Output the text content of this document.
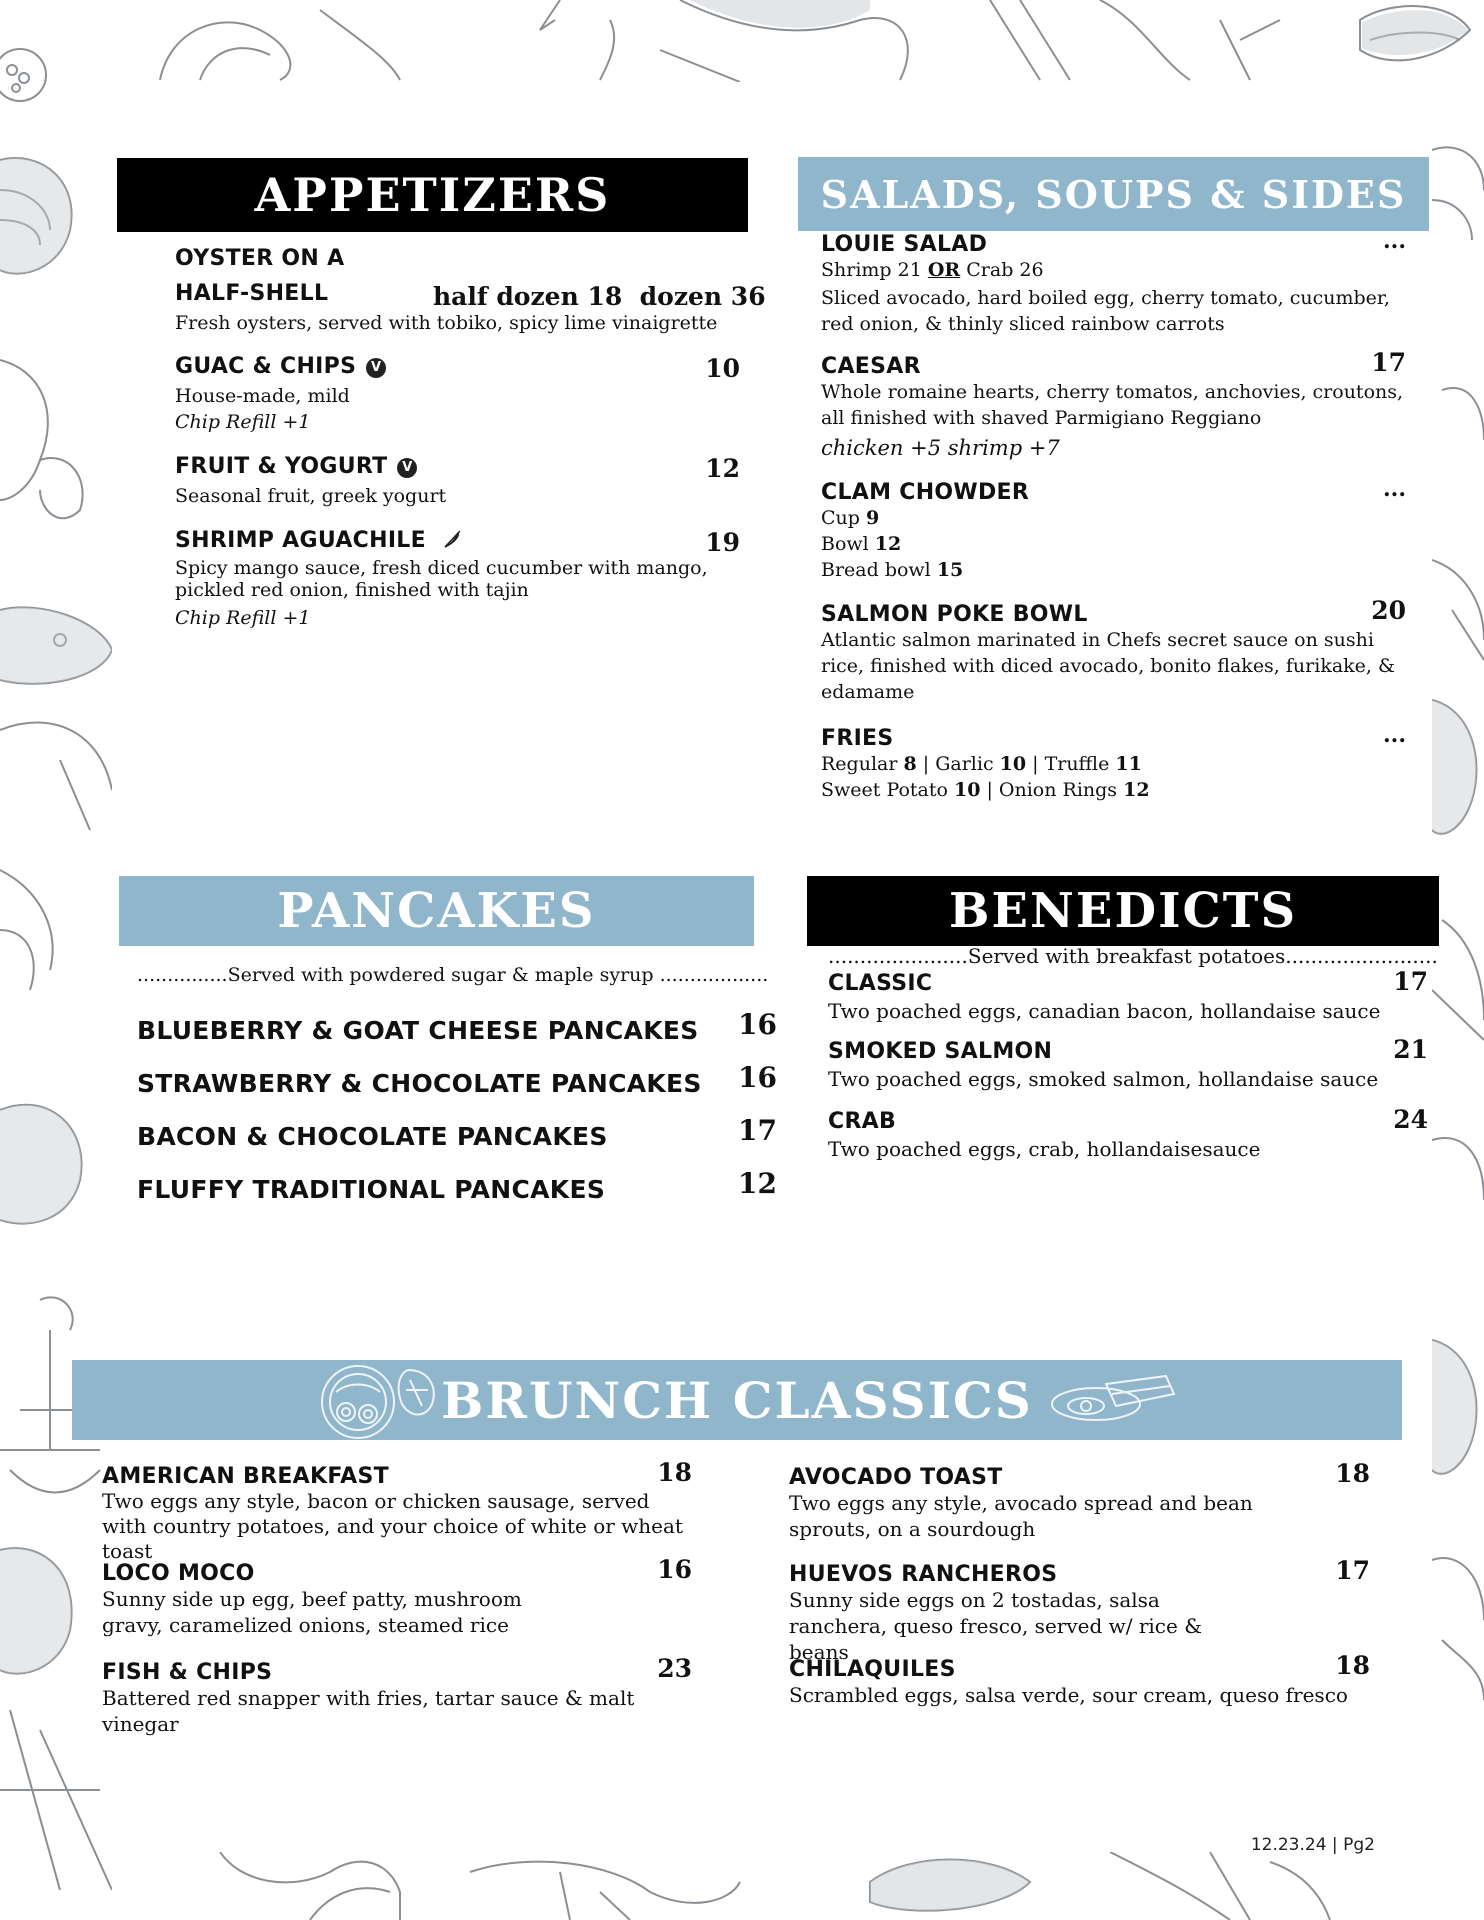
APPETIZERS
OYSTER ON A
HALF-SHELL	half dozen 18  dozen 36
Fresh oysters, served with tobiko, spicy lime vinaigrette
GUAC & CHIPS V	10
House-made, mild
Chip Refill +1
FRUIT & YOGURT V	12
Seasonal fruit, greek yogurt
SHRIMP AGUACHILE	19
Spicy mango sauce, fresh diced cucumber with mango, pickled red onion, finished with tajin
Chip Refill +1
SALADS, SOUPS & SIDES
LOUIE SALAD	...
Shrimp 21 OR Crab 26
Sliced avocado, hard boiled egg, cherry tomato, cucumber, red onion, & thinly sliced rainbow carrots
CAESAR	17
Whole romaine hearts, cherry tomatos, anchovies, croutons, all finished with shaved Parmigiano Reggiano
chicken +5 shrimp +7
CLAM CHOWDER	...
Cup 9
Bowl 12
Bread bowl 15
SALMON POKE BOWL	20
Atlantic salmon marinated in Chefs secret sauce on sushi rice, finished with diced avocado, bonito flakes, furikake, & edamame
FRIES	...
Regular 8 | Garlic 10 | Truffle 11
Sweet Potato 10 | Onion Rings 12
PANCAKES
...............Served with powdered sugar & maple syrup ..................
BLUEBERRY & GOAT CHEESE PANCAKES	16
STRAWBERRY & CHOCOLATE PANCAKES	16
BACON & CHOCOLATE PANCAKES	17
FLUFFY TRADITIONAL PANCAKES	12
BENEDICTS
......................Served with breakfast potatoes........................
CLASSIC	17
Two poached eggs, canadian bacon, hollandaise sauce
SMOKED SALMON	21
Two poached eggs, smoked salmon, hollandaise sauce
CRAB	24
Two poached eggs, crab, hollandaisesauce
BRUNCH CLASSICS
AMERICAN BREAKFAST	18
Two eggs any style, bacon or chicken sausage, served with country potatoes, and your choice of white or wheat toast
LOCO MOCO	16
Sunny side up egg, beef patty, mushroom gravy, caramelized onions, steamed rice
FISH & CHIPS	23
Battered red snapper with fries, tartar sauce & malt vinegar
AVOCADO TOAST	18
Two eggs any style, avocado spread and bean sprouts, on a sourdough
HUEVOS RANCHEROS	17
Sunny side eggs on 2 tostadas, salsa ranchera, queso fresco, served w/ rice & beans
CHILAQUILES	18
Scrambled eggs, salsa verde, sour cream, queso fresco

12.23.24 | Pg2
